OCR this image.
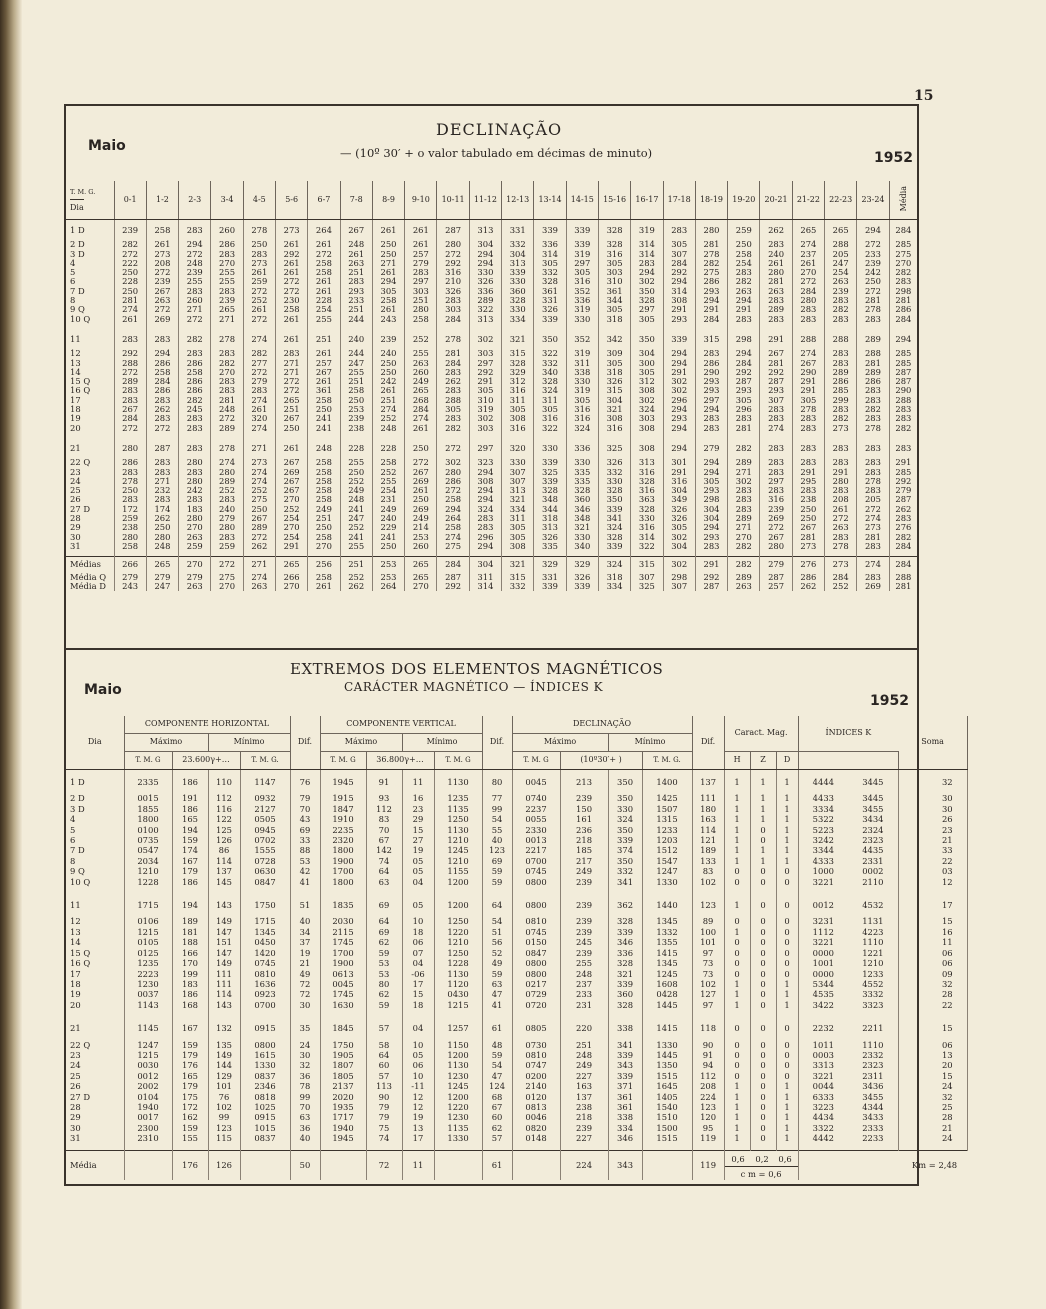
15
Maio
DECLINAÇÃO
— (10º 30′ + o valor tabulado em décimas de minuto)	1952
T. M. G.
Dia	0-1	1-2	2-3	3-4	4-5	5-6	6-7	7-8	8-9	9-10	10-11	11-12	12-13	13-14	14-15	15-16	16-17	17-18	18-19	19-20	20-21	21-22	22-23	23-24	Média
1 D	239	258	283	260	278	273	264	267	261	261	287	313	331	339	339	328	319	283	280	259	262	265	265	294	284
2 D	282	261	294	286	250	261	261	248	250	261	280	304	332	336	339	328	314	305	281	250	283	274	288	272	285
3 D	272	273	272	283	283	292	272	261	250	257	272	294	304	314	319	316	314	307	278	258	240	237	205	233	275
4	222	208	248	270	273	261	258	263	271	279	292	294	313	305	297	305	283	284	282	254	261	261	247	239	270
5	250	272	239	255	261	261	258	251	261	283	316	330	339	332	305	303	294	292	275	283	280	270	254	242	282
6	228	239	255	255	259	272	261	283	294	297	210	326	330	328	316	310	302	294	286	282	281	272	263	250	283
7 D	250	267	283	283	272	272	261	293	305	303	326	336	360	361	352	361	350	314	293	263	263	284	239	272	298
8	281	263	260	239	252	230	228	233	258	251	283	289	328	331	336	344	328	308	294	294	283	280	283	281	281
9 Q	274	272	271	265	261	258	254	251	261	280	303	322	330	326	319	305	297	291	291	291	289	283	282	278	286
10 Q	261	269	272	271	272	261	255	244	243	258	284	313	334	339	330	318	305	293	284	283	283	283	283	283	284
11	283	283	282	278	274	261	251	240	239	252	278	302	321	350	352	342	350	339	315	298	291	288	288	289	294
12	292	294	283	283	282	283	261	244	240	255	281	303	315	322	319	309	304	294	283	294	267	274	283	288	285
13	288	286	286	282	277	271	257	247	250	263	284	297	328	332	311	305	300	294	286	284	281	267	283	281	285
14	272	258	258	270	272	271	267	255	250	260	283	292	329	340	338	318	305	291	290	292	292	290	289	289	287
15 Q	289	284	286	283	279	272	261	251	242	249	262	291	312	328	330	326	312	302	293	287	287	291	286	286	287
16 Q	283	286	286	283	283	272	361	258	261	265	283	305	316	324	319	315	308	302	293	293	293	291	285	283	290
17	283	283	282	281	274	265	258	250	251	268	288	310	311	311	305	304	302	296	297	305	307	305	299	283	288
18	267	262	245	248	261	251	250	253	274	284	305	319	305	305	316	321	324	294	294	296	283	278	283	282	283
19	284	283	283	272	320	267	241	239	252	274	283	302	308	316	316	308	303	293	283	283	283	283	282	283	283
20	272	272	283	289	274	250	241	238	248	261	282	303	316	322	324	316	308	294	283	281	274	283	273	278	282
21	280	287	283	278	271	261	248	228	228	250	272	297	320	330	336	325	308	294	279	282	283	283	283	283	283
22 Q	286	283	280	274	273	267	258	255	258	272	302	323	330	339	330	326	313	301	294	289	283	283	283	283	291
23	283	283	283	280	274	269	258	250	252	267	280	294	307	325	335	332	316	291	294	271	283	291	291	283	285
24	278	271	280	289	274	267	258	252	255	269	286	308	307	339	335	330	328	316	305	302	297	295	280	278	292
25	250	232	242	252	252	267	258	249	254	261	272	294	313	328	328	328	316	304	293	283	283	283	283	283	279
26	283	283	283	283	275	270	258	248	231	250	258	294	321	348	360	350	363	349	298	283	316	238	208	205	287
27 D	172	174	183	240	250	252	249	241	249	269	294	324	334	344	346	339	328	326	304	283	239	250	261	272	262
28	259	262	280	279	267	254	251	247	240	249	264	283	311	318	348	341	330	326	304	289	269	250	272	274	283
29	238	250	270	280	289	270	250	252	229	214	258	283	305	313	321	324	316	305	294	271	272	267	263	273	276
30	280	280	263	283	272	254	258	241	241	253	274	296	305	326	330	328	314	302	293	270	267	281	283	281	282
31	258	248	259	259	262	291	270	255	250	260	275	294	308	335	340	339	322	304	283	282	280	273	278	283	284
Médias	266	265	270	272	271	265	256	251	253	265	284	304	321	329	329	324	315	302	291	282	279	276	273	274	284
Média Q	279	279	279	275	274	266	258	252	253	265	287	311	315	331	326	318	307	298	292	289	287	286	284	283	288
Média D	243	247	263	270	263	270	261	262	264	270	292	314	332	339	339	334	325	307	287	263	257	262	252	269	281
EXTREMOS DOS ELEMENTOS MAGNÉTICOS
CARÁCTER MAGNÉTICO — ÍNDICES K
Maio
1952
Dia	COMPONENTE HORIZONTAL				Dif.	COMPONENTE VERTICAL				Dif.	DECLINAÇÃO				Dif.	Caract. Mag.			ÍNDICES K		Soma
	Máximo		Mínimo			Máximo		Mínimo			Máximo		Mínimo								
	T. M. G	23.600γ+…		T. M. G.		T. M. G	36.800γ+…		T. M. G		T. M. G	(10º30′+ )		T. M. G.		H	Z	D			
1 D	2335	186	110	1147	76	1945	91	11	1130	80	0045	213	350	1400	137	1	1	1	4444	3445	32
2 D	0015	191	112	0932	79	1915	93	16	1235	77	0740	239	350	1425	111	1	1	1	4433	3445	30
3 D	1855	186	116	2127	70	1847	112	23	1135	99	2237	150	330	1507	180	1	1	1	3334	3455	30
4	1800	165	122	0505	43	1910	83	29	1250	54	0055	161	324	1315	163	1	1	1	5322	3434	26
5	0100	194	125	0945	69	2235	70	15	1130	55	2330	236	350	1233	114	1	0	1	5223	2324	23
6	0735	159	126	0702	33	2320	67	27	1210	40	0013	218	339	1203	121	1	0	1	3242	2323	21
7 D	0547	174	86	1555	88	1800	142	19	1245	123	2217	185	374	1512	189	1	1	1	3344	4435	33
8	2034	167	114	0728	53	1900	74	05	1210	69	0700	217	350	1547	133	1	1	1	4333	2331	22
9 Q	1210	179	137	0630	42	1700	64	05	1155	59	0745	249	332	1247	83	0	0	0	1000	0002	03
10 Q	1228	186	145	0847	41	1800	63	04	1200	59	0800	239	341	1330	102	0	0	0	3221	2110	12
11	1715	194	143	1750	51	1835	69	05	1200	64	0800	239	362	1440	123	1	0	0	0012	4532	17
12	0106	189	149	1715	40	2030	64	10	1250	54	0810	239	328	1345	89	0	0	0	3231	1131	15
13	1215	181	147	1345	34	2115	69	18	1220	51	0745	239	339	1332	100	1	0	0	1112	4223	16
14	0105	188	151	0450	37	1745	62	06	1210	56	0150	245	346	1355	101	0	0	0	3221	1110	11
15 Q	0125	166	147	1420	19	1700	59	07	1250	52	0847	239	336	1415	97	0	0	0	0000	1221	06
16 Q	1235	170	149	0745	21	1900	53	04	1228	49	0800	255	328	1345	73	0	0	0	1001	1210	06
17	2223	199	111	0810	49	0613	53	-06	1130	59	0800	248	321	1245	73	0	0	0	0000	1233	09
18	1230	183	111	1636	72	0045	80	17	1120	63	0217	237	339	1608	102	1	0	1	5344	4552	32
19	0037	186	114	0923	72	1745	62	15	0430	47	0729	233	360	0428	127	1	0	1	4535	3332	28
20	1143	168	143	0700	30	1630	59	18	1215	41	0720	231	328	1445	97	1	0	1	3422	3323	22
21	1145	167	132	0915	35	1845	57	04	1257	61	0805	220	338	1415	118	0	0	0	2232	2211	15
22 Q	1247	159	135	0800	24	1750	58	10	1150	48	0730	251	341	1330	90	0	0	0	1011	1110	06
23	1215	179	149	1615	30	1905	64	05	1200	59	0810	248	339	1445	91	0	0	0	0003	2332	13
24	0030	176	144	1330	32	1807	60	06	1130	54	0747	249	343	1350	94	0	0	0	3313	2323	20
25	0012	165	129	0837	36	1805	57	10	1230	47	0200	227	339	1515	112	0	0	0	3221	2311	15
26	2002	179	101	2346	78	2137	113	-11	1245	124	2140	163	371	1645	208	1	0	1	0044	3436	24
27 D	0104	175	76	0818	99	2020	90	12	1200	68	0120	137	361	1405	224	1	0	1	6333	3455	32
28	1940	172	102	1025	70	1935	79	12	1220	67	0813	238	361	1540	123	1	0	1	3223	4344	25
29	0017	162	99	0915	63	1717	79	19	1230	60	0046	218	338	1510	120	1	0	1	4434	3433	28
30	2300	159	123	1015	36	1940	75	13	1135	62	0820	239	334	1500	95	1	0	1	3322	2333	21
31	2310	155	115	0837	40	1945	74	17	1330	57	0148	227	346	1515	119	1	0	1	4442	2233	24
Média		176	126		50		72	11		61		224	343		119	0,6 0,2 0,6
c m = 0,6			Km = 2,48		
